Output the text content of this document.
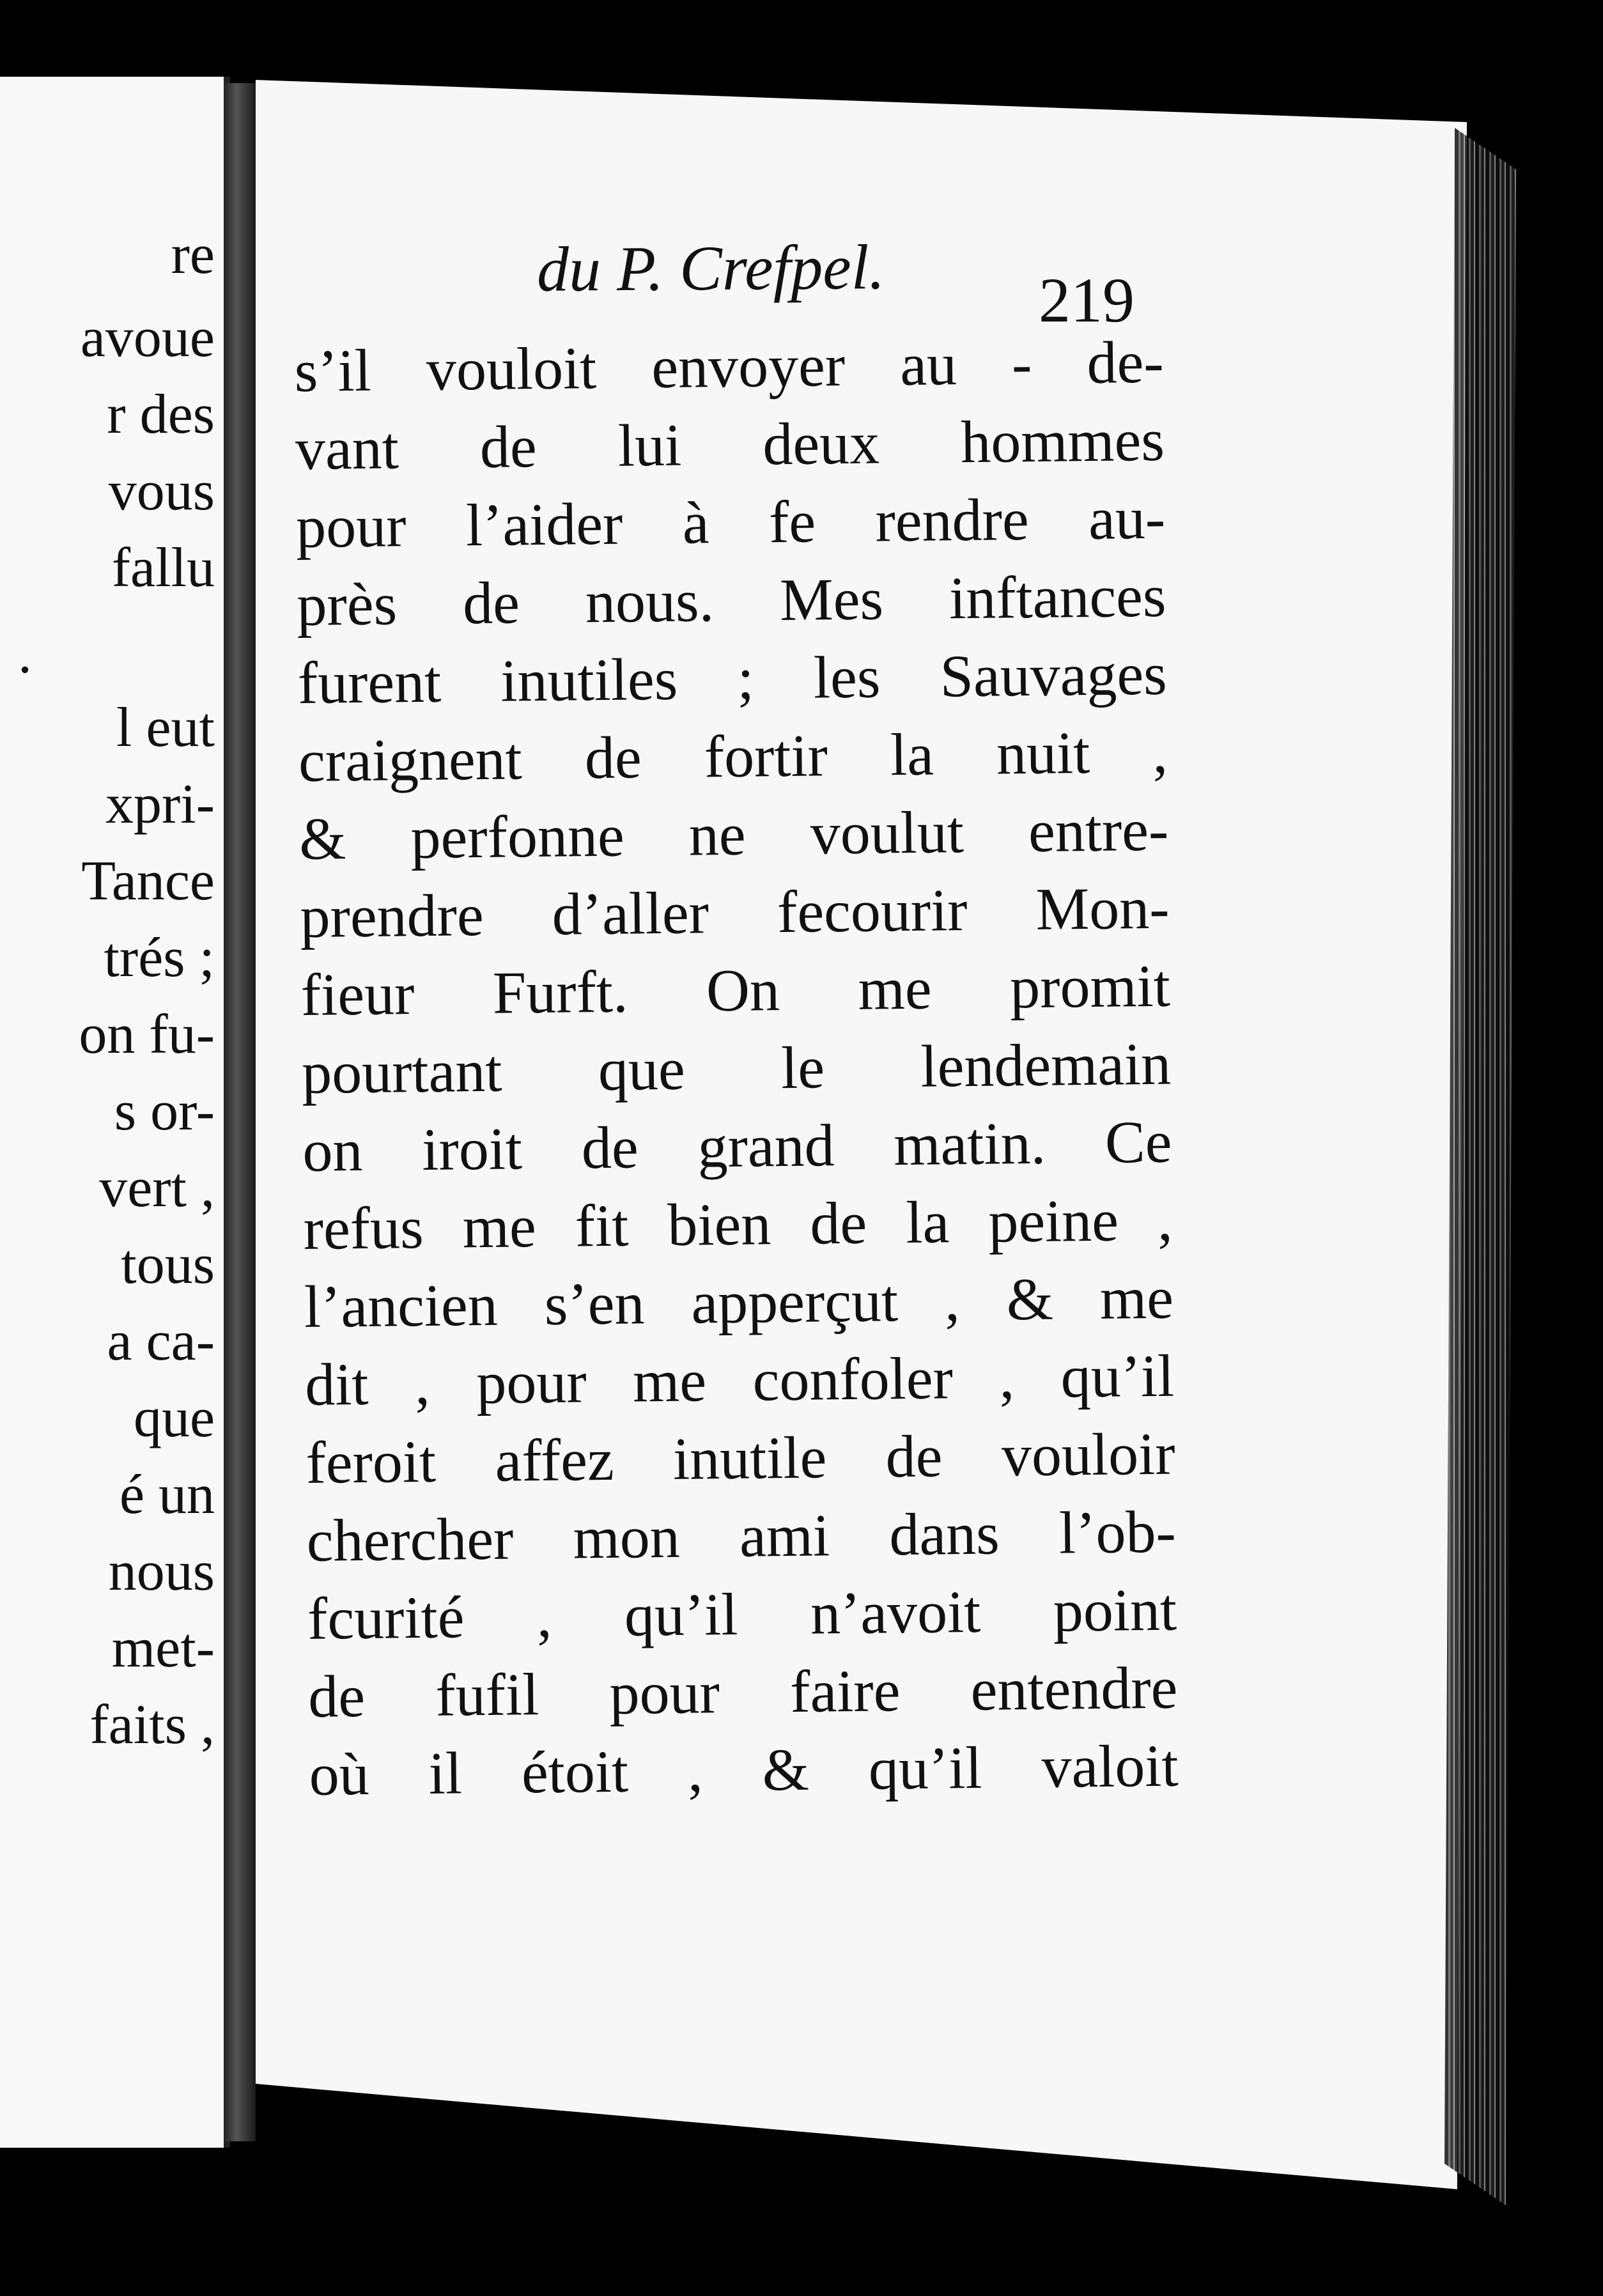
re
avoue
r des
vous
fallu
.
l eut
xpri-
Tance
trés ;
on fu-
s or-
vert ,
tous
a ca-
que
é un
nous
met-
faits ,
du P. Crefpel. 219
s’il vouloit envoyer au - de-
vant de lui deux hommes
pour l’aider à fe rendre au-
près de nous. Mes inftances
furent inutiles ; les Sauvages
craignent de fortir la nuit ,
& perfonne ne voulut entre-
prendre d’aller fecourir Mon-
fieur Furft. On me promit
pourtant que le lendemain
on iroit de grand matin. Ce
refus me fit bien de la peine ,
l’ancien s’en apperçut , & me
dit , pour me confoler , qu’il
feroit affez inutile de vouloir
chercher mon ami dans l’ob-
fcurité , qu’il n’avoit point
de fufil pour faire entendre
où il étoit , & qu’il valoit
